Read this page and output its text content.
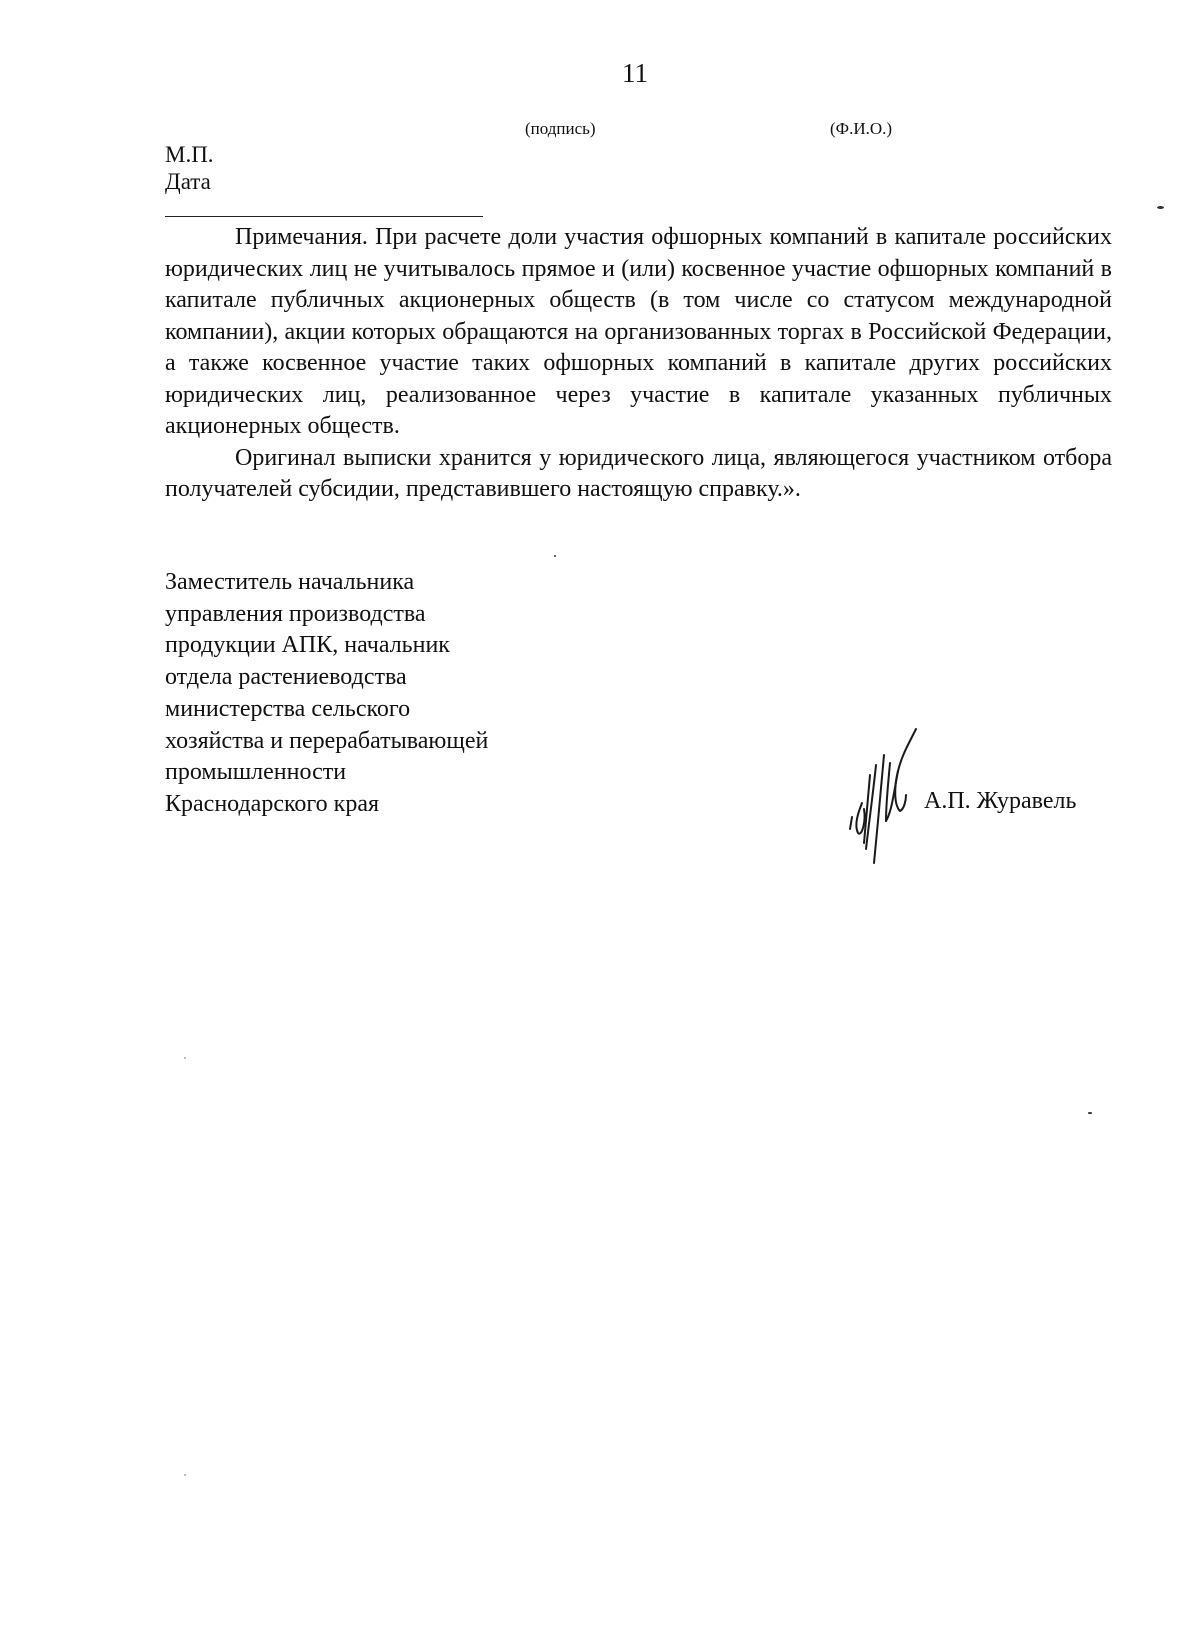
11
(подпись)	(Ф.И.О.)
М.П.
Дата

Примечания. При расчете доли участия офшорных компаний в капитале российских юридических лиц не учитывалось прямое и (или) косвенное участие офшорных компаний в капитале публичных акционерных обществ (в том числе со статусом международной компании), акции которых обращаются на организованных торгах в Российской Федерации, а также косвенное участие таких офшорных компаний в капитале других российских юридических лиц, реализованное через участие в капитале указанных публичных акционерных обществ.

Оригинал выписки хранится у юридического лица, являющегося участником отбора получателей субсидии, представившего настоящую справку.».

Заместитель начальника
управления производства
продукции АПК, начальник
отдела растениеводства
министерства сельского
хозяйства и перерабатывающей
промышленности
Краснодарского края	А.П. Журавель
